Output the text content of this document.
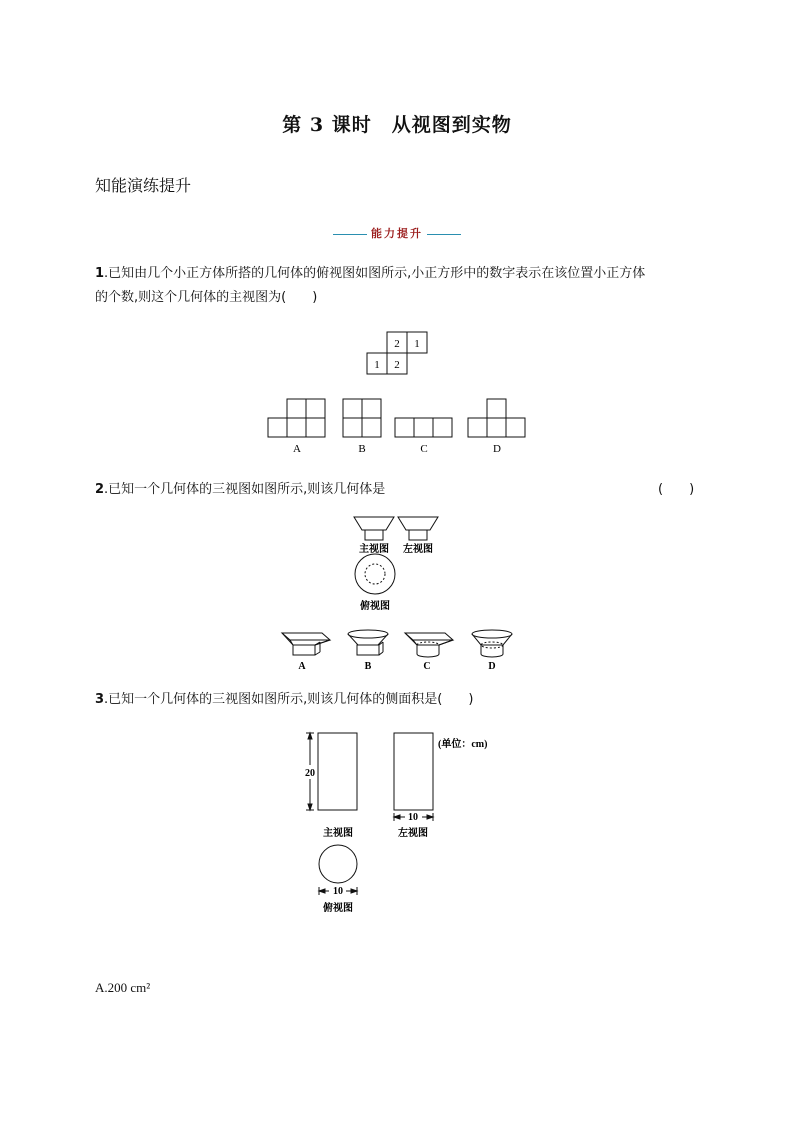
第 3 课时　从视图到实物
知能演练提升
能力提升
1.已知由几个小正方体所搭的几何体的俯视图如图所示,小正方形中的数字表示在该位置小正方体
的个数,则这个几何体的主视图为(　　)
2 1
1 2
A	B	C	D
2.已知一个几何体的三视图如图所示,则该几何体是	(　　)
主视图 左视图
俯视图
A	B	C	D
3.已知一个几何体的三视图如图所示,则该几何体的侧面积是(　　)
20
10
10
(单位：cm)
主视图	左视图
俯视图
A.200 cm²
